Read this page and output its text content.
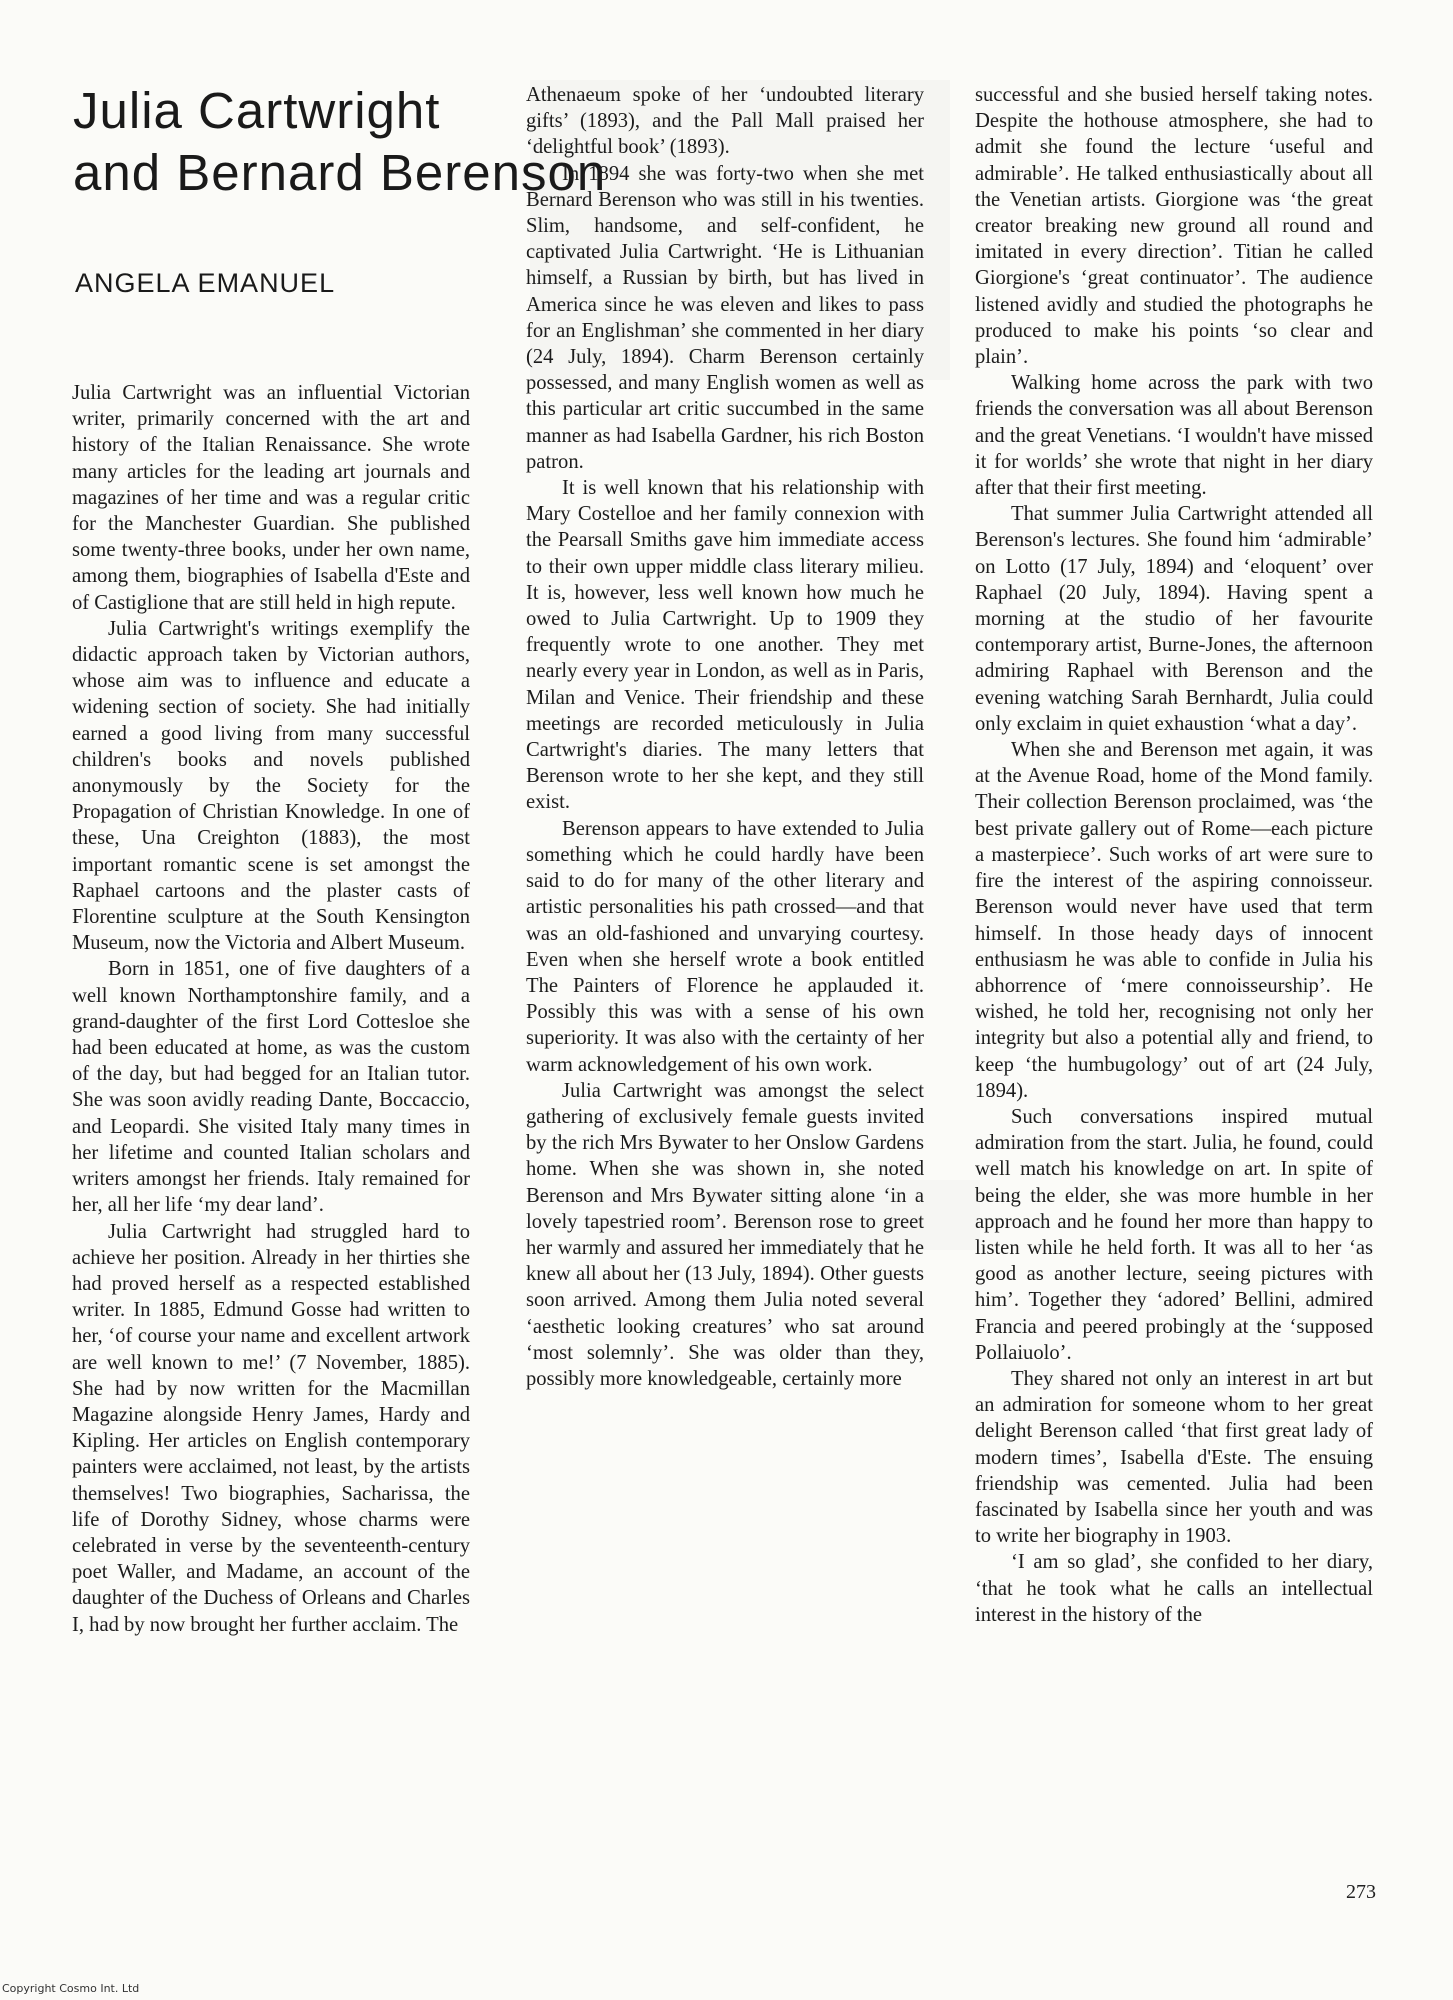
Julia Cartwright
and Bernard Berenson
ANGELA EMANUEL

Julia Cartwright was an influential Victorian writer, primarily concerned with the art and history of the Italian Renaissance. She wrote many articles for the leading art journals and magazines of her time and was a regular critic for the Manchester Guardian. She published some twenty-three books, under her own name, among them, biographies of Isabella d'Este and of Castiglione that are still held in high repute.

Julia Cartwright's writings exemplify the didactic approach taken by Victorian authors, whose aim was to influence and educate a widening section of society. She had initially earned a good living from many successful children's books and novels published anonymously by the Society for the Propagation of Christian Knowledge. In one of these, Una Creighton (1883), the most important romantic scene is set amongst the Raphael cartoons and the plaster casts of Florentine sculpture at the South Kensington Museum, now the Victoria and Albert Museum.

Born in 1851, one of five daughters of a well known Northamptonshire family, and a grand-daughter of the first Lord Cottesloe she had been educated at home, as was the custom of the day, but had begged for an Italian tutor. She was soon avidly reading Dante, Boccaccio, and Leopardi. She visited Italy many times in her lifetime and counted Italian scholars and writers amongst her friends. Italy remained for her, all her life ‘my dear land’.

Julia Cartwright had struggled hard to achieve her position. Already in her thirties she had proved herself as a respected established writer. In 1885, Edmund Gosse had written to her, ‘of course your name and excellent artwork are well known to me!’ (7 November, 1885). She had by now written for the Macmillan Magazine alongside Henry James, Hardy and Kipling. Her articles on English contemporary painters were acclaimed, not least, by the artists themselves! Two biographies, Sacharissa, the life of Dorothy Sidney, whose charms were celebrated in verse by the seventeenth-century poet Waller, and Madame, an account of the daughter of the Duchess of Orleans and Charles I, had by now brought her further acclaim. The

Athenaeum spoke of her ‘undoubted literary gifts’ (1893), and the Pall Mall praised her ‘delightful book’ (1893).

In 1894 she was forty-two when she met Bernard Berenson who was still in his twenties. Slim, handsome, and self-confident, he captivated Julia Cartwright. ‘He is Lithuanian himself, a Russian by birth, but has lived in America since he was eleven and likes to pass for an Englishman’ she commented in her diary (24 July, 1894). Charm Berenson certainly possessed, and many English women as well as this particular art critic succumbed in the same manner as had Isabella Gardner, his rich Boston patron.

It is well known that his relationship with Mary Costelloe and her family connexion with the Pearsall Smiths gave him immediate access to their own upper middle class literary milieu. It is, however, less well known how much he owed to Julia Cartwright. Up to 1909 they frequently wrote to one another. They met nearly every year in London, as well as in Paris, Milan and Venice. Their friendship and these meetings are recorded meticulously in Julia Cartwright's diaries. The many letters that Berenson wrote to her she kept, and they still exist.

Berenson appears to have extended to Julia something which he could hardly have been said to do for many of the other literary and artistic personalities his path crossed—and that was an old-fashioned and unvarying courtesy. Even when she herself wrote a book entitled The Painters of Florence he applauded it. Possibly this was with a sense of his own superiority. It was also with the certainty of her warm acknowledgement of his own work.

Julia Cartwright was amongst the select gathering of exclusively female guests invited by the rich Mrs Bywater to her Onslow Gardens home. When she was shown in, she noted Berenson and Mrs Bywater sitting alone ‘in a lovely tapestried room’. Berenson rose to greet her warmly and assured her immediately that he knew all about her (13 July, 1894). Other guests soon arrived. Among them Julia noted several ‘aesthetic looking creatures’ who sat around ‘most solemnly’. She was older than they, possibly more knowledgeable, certainly more

successful and she busied herself taking notes. Despite the hothouse atmosphere, she had to admit she found the lecture ‘useful and admirable’. He talked enthusiastically about all the Venetian artists. Giorgione was ‘the great creator breaking new ground all round and imitated in every direction’. Titian he called Giorgione's ‘great continuator’. The audience listened avidly and studied the photographs he produced to make his points ‘so clear and plain’.

Walking home across the park with two friends the conversation was all about Berenson and the great Venetians. ‘I wouldn't have missed it for worlds’ she wrote that night in her diary after that their first meeting.

That summer Julia Cartwright attended all Berenson's lectures. She found him ‘admirable’ on Lotto (17 July, 1894) and ‘eloquent’ over Raphael (20 July, 1894). Having spent a morning at the studio of her favourite contemporary artist, Burne-Jones, the afternoon admiring Raphael with Berenson and the evening watching Sarah Bernhardt, Julia could only exclaim in quiet exhaustion ‘what a day’.

When she and Berenson met again, it was at the Avenue Road, home of the Mond family. Their collection Berenson proclaimed, was ‘the best private gallery out of Rome—each picture a masterpiece’. Such works of art were sure to fire the interest of the aspiring connoisseur. Berenson would never have used that term himself. In those heady days of innocent enthusiasm he was able to confide in Julia his abhorrence of ‘mere connoisseurship’. He wished, he told her, recognising not only her integrity but also a potential ally and friend, to keep ‘the humbugology’ out of art (24 July, 1894).

Such conversations inspired mutual admiration from the start. Julia, he found, could well match his knowledge on art. In spite of being the elder, she was more humble in her approach and he found her more than happy to listen while he held forth. It was all to her ‘as good as another lecture, seeing pictures with him’. Together they ‘adored’ Bellini, admired Francia and peered probingly at the ‘supposed Pollaiuolo’.

They shared not only an interest in art but an admiration for someone whom to her great delight Berenson called ‘that first great lady of modern times’, Isabella d'Este. The ensuing friendship was cemented. Julia had been fascinated by Isabella since her youth and was to write her biography in 1903.

‘I am so glad’, she confided to her diary, ‘that he took what he calls an intellectual interest in the history of the

273
Copyright Cosmo Int. Ltd
